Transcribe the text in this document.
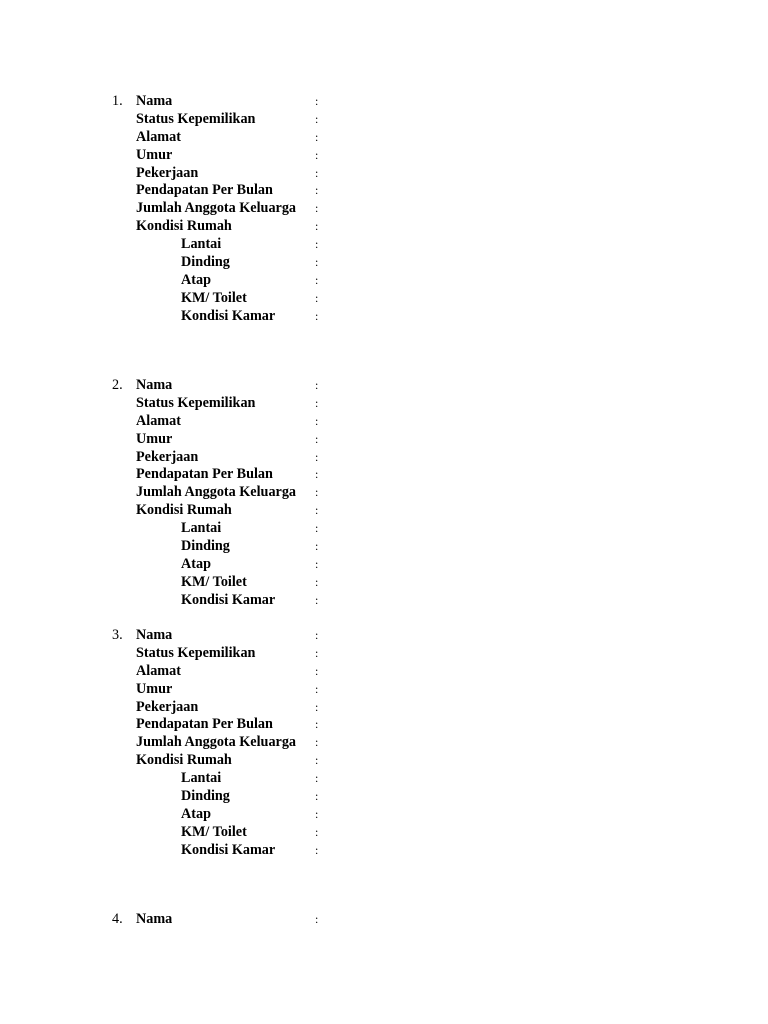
1. Nama	:
Status Kepemilikan	:
Alamat	:
Umur	:
Pekerjaan	:
Pendapatan Per Bulan	:
Jumlah Anggota Keluarga :
Kondisi Rumah	:
Lantai	:
Dinding	:
Atap	:
KM/ Toilet	:
Kondisi Kamar	:
2. Nama	:
Status Kepemilikan	:
Alamat	:
Umur	:
Pekerjaan	:
Pendapatan Per Bulan	:
Jumlah Anggota Keluarga :
Kondisi Rumah	:
Lantai	:
Dinding	:
Atap	:
KM/ Toilet	:
Kondisi Kamar	:
3. Nama	:
Status Kepemilikan	:
Alamat	:
Umur	:
Pekerjaan	:
Pendapatan Per Bulan	:
Jumlah Anggota Keluarga :
Kondisi Rumah	:
Lantai	:
Dinding	:
Atap	:
KM/ Toilet	:
Kondisi Kamar	:
4. Nama	:
